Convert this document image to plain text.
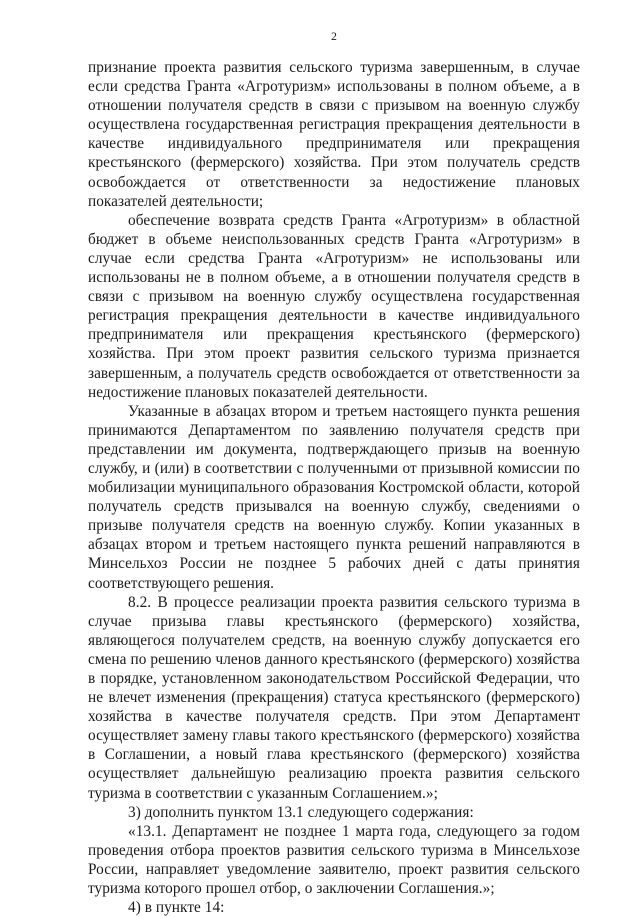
2

признание проекта развития сельского туризма завершенным, в случае если средства Гранта «Агротуризм» использованы в полном объеме, а в отношении получателя средств в связи с призывом на военную службу осуществлена государственная регистрация прекращения деятельности в качестве индивидуального предпринимателя или прекращения крестьянского (фермерского) хозяйства. При этом получатель средств освобождается от ответственности за недостижение плановых показателей деятельности;

обеспечение возврата средств Гранта «Агротуризм» в областной бюджет в объеме неиспользованных средств Гранта «Агротуризм» в случае если средства Гранта «Агротуризм» не использованы или использованы не в полном объеме, а в отношении получателя средств в связи с призывом на военную службу осуществлена государственная регистрация прекращения деятельности в качестве индивидуального предпринимателя или прекращения крестьянского (фермерского) хозяйства. При этом проект развития сельского туризма признается завершенным, а получатель средств освобождается от ответственности за недостижение плановых показателей деятельности.

Указанные в абзацах втором и третьем настоящего пункта решения принимаются Департаментом по заявлению получателя средств при представлении им документа, подтверждающего призыв на военную службу, и (или) в соответствии с полученными от призывной комиссии по мобилизации муниципального образования Костромской области, которой получатель средств призывался на военную службу, сведениями о призыве получателя средств на военную службу. Копии указанных в абзацах втором и третьем настоящего пункта решений направляются в Минсельхоз России не позднее 5 рабочих дней с даты принятия соответствующего решения.

8.2. В процессе реализации проекта развития сельского туризма в случае призыва главы крестьянского (фермерского) хозяйства, являющегося получателем средств, на военную службу допускается его смена по решению членов данного крестьянского (фермерского) хозяйства в порядке, установленном законодательством Российской Федерации, что не влечет изменения (прекращения) статуса крестьянского (фермерского) хозяйства в качестве получателя средств. При этом Департамент осуществляет замену главы такого крестьянского (фермерского) хозяйства в Соглашении, а новый глава крестьянского (фермерского) хозяйства осуществляет дальнейшую реализацию проекта развития сельского туризма в соответствии с указанным Соглашением.»;

3) дополнить пунктом 13.1 следующего содержания:

«13.1. Департамент не позднее 1 марта года, следующего за годом проведения отбора проектов развития сельского туризма в Минсельхозе России, направляет уведомление заявителю, проект развития сельского туризма которого прошел отбор, о заключении Соглашения.»;

4) в пункте 14:
